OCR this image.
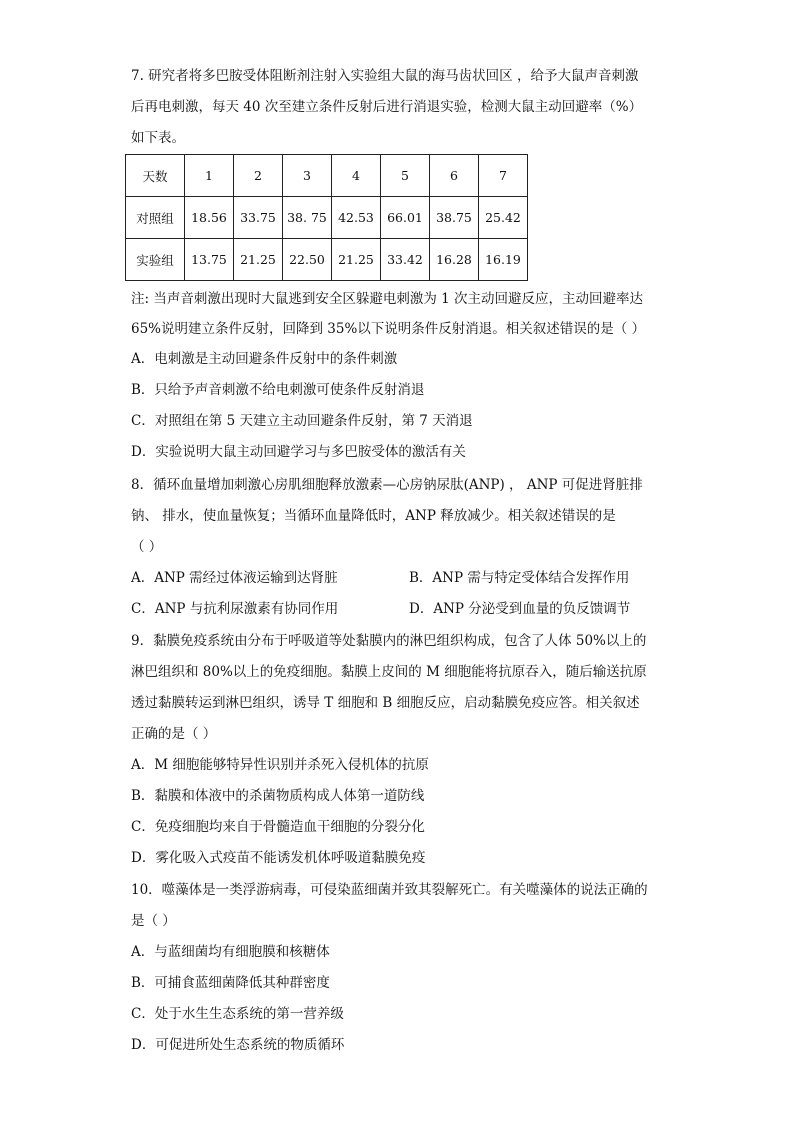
7. 研究者将多巴胺受体阻断剂注射入实验组大鼠的海马齿状回区 ，给予大鼠声音刺激
后再电刺激，每天 40 次至建立条件反射后进行消退实验，检测大鼠主动回避率（%）
如下表。
天数	1	2	3	4	5	6	7
对照组	18.56	33.75	38. 75	42.53	66.01	38.75	25.42
实验组	13.75	21.25	22.50	21.25	33.42	16.28	16.19
注: 当声音刺激出现时大鼠逃到安全区躲避电刺激为 1 次主动回避反应，主动回避率达
65%说明建立条件反射，回降到 35%以下说明条件反射消退。相关叙述错误的是（ ）
A．电刺激是主动回避条件反射中的条件刺激
B．只给予声音刺激不给电刺激可使条件反射消退
C．对照组在第 5 天建立主动回避条件反射，第 7 天消退
D．实验说明大鼠主动回避学习与多巴胺受体的激活有关
8．循环血量增加刺激心房肌细胞释放激素—心房钠尿肽(ANP) ， ANP 可促进肾脏排
钠、 排水，使血量恢复；当循环血量降低时，ANP 释放减少。相关叙述错误的是
（ ）
A．ANP 需经过体液运输到达肾脏	B．ANP 需与特定受体结合发挥作用
C．ANP 与抗利尿激素有协同作用	D．ANP 分泌受到血量的负反馈调节
9．黏膜免疫系统由分布于呼吸道等处黏膜内的淋巴组织构成，包含了人体 50%以上的
淋巴组织和 80%以上的免疫细胞。黏膜上皮间的 M 细胞能将抗原吞入，随后输送抗原
透过黏膜转运到淋巴组织，诱导 T 细胞和 B 细胞反应，启动黏膜免疫应答。相关叙述
正确的是（ ）
A．M 细胞能够特异性识别并杀死入侵机体的抗原
B．黏膜和体液中的杀菌物质构成人体第一道防线
C．免疫细胞均来自于骨髓造血干细胞的分裂分化
D．雾化吸入式疫苗不能诱发机体呼吸道黏膜免疫
10．噬藻体是一类浮游病毒，可侵染蓝细菌并致其裂解死亡。有关噬藻体的说法正确的
是（ ）
A．与蓝细菌均有细胞膜和核糖体
B．可捕食蓝细菌降低其种群密度
C．处于水生生态系统的第一营养级
D．可促进所处生态系统的物质循环
